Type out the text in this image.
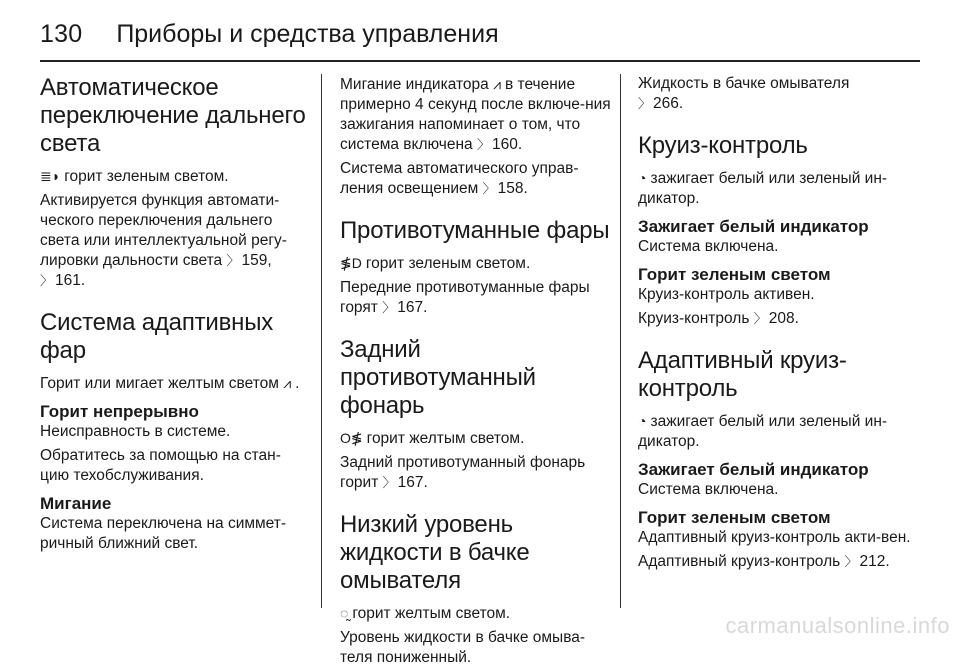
130 Приборы и средства управления
Автоматическое переключение дальнего света

≣◗ горит зеленым светом.

Активируется функция автомати‐ческого переключения дальнего света или интеллектуальной регу‐лировки дальности света 〉 159,
〉 161.

Система адаптивных фар

Горит или мигает желтым светом ⩘ .

Горит непрерывно

Неисправность в системе.

Обратитесь за помощью на стан‐цию техобслуживания.

Мигание

Система переключена на симмет‐ричный ближний свет.

Мигание индикатора ⩘ в течение примерно 4 секунд после включе‐ния зажигания напоминает о том, что система включена 〉 160.

Система автоматического управ‐ления освещением 〉 158.

Противотуманные фары

≸D горит зеленым светом.

Передние противотуманные фары горят 〉 167.

Задний противотуманный фонарь

O≸ горит желтым светом.

Задний противотуманный фонарь горит 〉 167.

Низкий уровень жидкости в бачке омывателя

◌̰ горит желтым светом.

Уровень жидкости в бачке омыва‐теля пониженный.

Жидкость в бачке омывателя
〉 266.

Круиз-контроль

◔ зажигает белый или зеленый ин‐дикатор.

Зажигает белый индикатор

Система включена.

Горит зеленым светом

Круиз-контроль активен.

Круиз-контроль 〉 208.

Адаптивный круиз-контроль

◔ зажигает белый или зеленый ин‐дикатор.

Зажигает белый индикатор

Система включена.

Горит зеленым светом

Адаптивный круиз-контроль акти‐вен.

Адаптивный круиз-контроль 〉 212.

carmanualsonline.info
